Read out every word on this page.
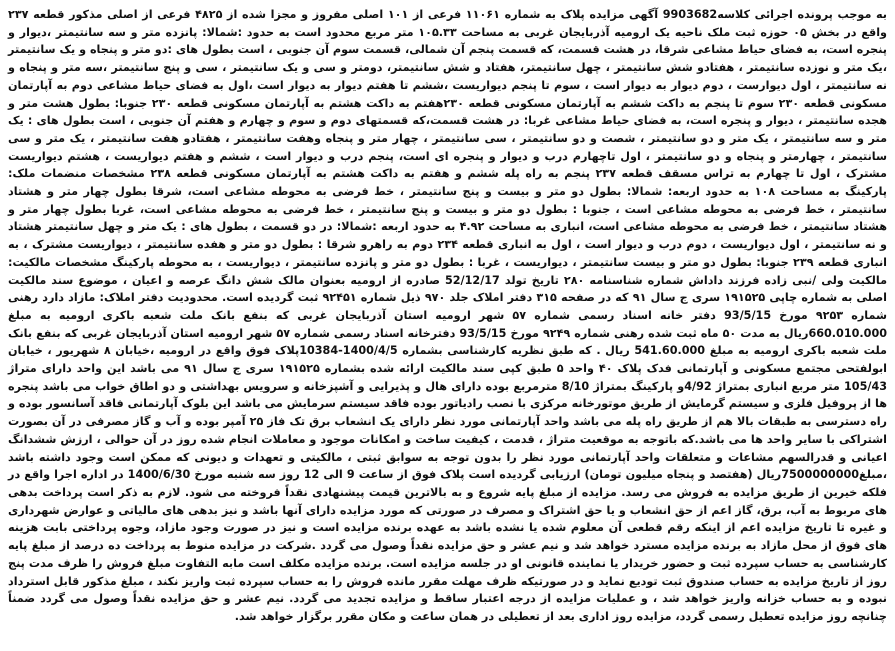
به موجب پرونده اجرائی کلاسه9903682 آگهی مزایده پلاک به شماره ۱۱۰۶۱ فرعی از ۱۰۱ اصلی مفروز و مجزا شده از ۴۸۲۵ فرعی از اصلی مذکور قطعه ۲۳۷ واقع در بخش ۰۵ حوزه ثبت ملک ناحیه یک ارومیه آذربایجان غربی به مساحت ۱۰۵.۳۳ متر مربع محدود است به حدود :شمالا: پانزده متر و سه سانتیمتر ،دیوار و پنجره است، به فضای حیاط مشاعی شرقا، در هشت قسمت، که قسمت پنجم آن شمالی، قسمت سوم آن جنوبی ، است بطول های :دو متر و پنجاه و یک سانتیمتر ،یک متر و نوزده سانتیمتر ، هفتادو شش سانتیمتر ، چهل سانتیمتر، هفتاد و شش سانتیمتر، دومتر و سی و یک سانتیمتر ، سی و پنج سانتیمتر ،سه متر و پنجاه و نه سانتیمتر ، اول دیوارست ، دوم دیوار به دیوار است ، سوم تا پنجم دیواریست ،ششم تا هفتم دیوار به دیوار است ،اول به فضای حیاط مشاعی دوم به آپارتمان مسکونی قطعه ۲۳۰ سوم تا پنجم به داکت ششم به آپارتمان مسکونی قطعه ۲۳۰هفتم به داکت هشتم به آپارتمان مسکونی قطعه ۲۳۰ جنوبا: بطول هشت متر و هجده سانتیمتر ، دیوار و پنجره است، به فضای حیاط مشاعی غربا: در هشت قسمت،که قسمتهای دوم و سوم و چهارم و هفتم آن جنوبی ، است بطول های : یک متر و سه سانتیمتر ، یک متر و دو سانتیمتر ، شصت و دو سانتیمتر ، سی سانتیمتر ، چهار متر و پنجاه وهفت سانتیمتر ، هفتادو هفت سانتیمتر ، یک متر و سی سانتیمتر ، چهارمتر و پنجاه و دو سانتیمتر ، اول تاچهارم درب و دیوار و پنجره ای است، پنجم درب و دیوار است ، ششم و هفتم دیواریست ، هشتم دیواریست مشترک ، اول تا چهارم به تراس مسقف قطعه ۲۳۷ پنجم به راه پله ششم و هفتم به داکت هشتم به آپارتمان مسکونی قطعه ۲۳۸ مشخصات منضمات ملک: پارکینگ به مساحت ۱۰۸ به حدود اربعه: شمالا: بطول دو متر و بیست و پنج سانتیمتر ، خط فرضی به محوطه مشاعی است، شرقا بطول چهار متر و هشتاد سانتیمتر ، خط فرضی به محوطه مشاعی است ، جنوبا : بطول دو متر و بیست و پنج سانتیمتر ، خط فرضی به محوطه مشاعی است، غربا بطول چهار متر و هشتاد سانتیمتر ، خط فرضی به محوطه مشاعی است، انباری به مساحت ۴.۹۲ به حدود اربعه :شمالا: در دو قسمت ، بطول های : یک متر و چهل سانتیمتر هشتاد و نه سانتیمتر ، اول دیواریست ، دوم درب و دیوار است ، اول به انباری قطعه ۲۳۴ دوم به راهرو شرقا : بطول دو متر و هفده سانتیمتر ، دیواریست مشترک ، به انباری قطعه ۲۳۹ جنوبا: بطول دو متر و بیست سانتیمتر ، دیواریست ، غربا : بطول دو متر و پانزده سانتیمتر ، دیواریست ، به محوطه پارکینگ مشخصات مالکیت: مالکیت ولی /نبی زاده فرزند داداش شماره شناسنامه ۲۸۰ تاریخ تولد 52/12/17 صادره از ارومیه بعنوان مالک شش دانگ عرصه و اعیان ، موضوع سند مالکیت اصلی به شماره چاپی ۱۹۱۵۲۵ سری ج سال ۹۱ که در صفحه ۳۱۵ دفتر املاک جلد ۹۷۰ ذیل شماره ۹۲۴۵۱ ثبت گردیده است. محدودیت دفتر املاک: مازاد دارد رهنی شماره ۹۲۵۳ مورخ 93/5/15 دفتر خانه اسناد رسمی شماره ۵۷ شهر ارومیه استان آذربایجان غربی که بنفع بانک ملت شعبه باکری ارومیه به مبلغ 660.010.000ریال به مدت ۵۰ ماه ثبت شده رهنی شماره ۹۲۴۹ مورخ 93/5/15 دفترخانه اسناد رسمی شماره ۵۷ شهر ارومیه استان آذربایجان غربی که بنفع بانک ملت شعبه باکری ارومیه به مبلغ 541.60.000 ریال . که طبق نظریه کارشناسی بشماره 1400/4/5-10384پلاک فوق واقع در ارومیه ،خیابان ۸ شهریور ، خیابان ابولفتحی مجتمع مسکونی و آپارتمانی فدک پلاک ۴۰ واحد ۵ طبق کپی سند مالکیت ارائه شده بشماره ۱۹۱۵۲۵ سری ج سال ۹۱ می باشد این واحد دارای متراژ 105/43 متر مربع انباری بمتراژ 4/92و پارکینگ بمتراژ 8/10 مترمربع بوده دارای هال و پذیرایی و آشپزخانه و سرویس بهداشتی و دو اطاق خواب می باشد پنجره ها از پروفیل فلزی و سیستم گرمایش از طریق موتورخانه مرکزی با نصب رادیاتور بوده فاقد سیستم سرمایش می باشد این بلوک آپارتمانی فاقد آسانسور بوده و راه دسترسی به طبقات بالا هم از طریق راه پله می باشد واحد آپارتمانی مورد نظر دارای یک انشعاب برق تک فاز ۲۵ آمپر بوده و آب و گاز مصرفی در آن بصورت اشتراکی با سایر واحد ها می باشد.که باتوجه به موقعیت متراژ ، قدمت ، کیفیت ساخت و امکانات موجود و معاملات انجام شده روز در آن حوالی ، ارزش ششدانگ اعیانی و قدرالسهم مشاعات و متعلقات واحد آپارتمانی مورد نظر را بدون توجه به سوابق ثبتی ، مالکیتی و تعهدات و دیونی که ممکن است وجود داشته باشد ،مبلغ7500000000ریال (هفتصد و پنجاه میلیون تومان) ارزیابی گردیده است پلاک فوق از ساعت 9 الی 12 روز سه شنبه مورخ 1400/6/30 در اداره اجرا واقع در فلکه خیرین از طریق مزایده به فروش می رسد. مزایده از مبلغ پایه شروع و به بالاترین قیمت پیشنهادی نقداً فروخته می شود. لازم به ذکر است پرداخت بدهی های مربوط به آب، برق، گاز اعم از حق انشعاب و یا حق اشتراک و مصرف در صورتی که مورد مزایده دارای آنها باشد و نیز بدهی های مالیاتی و عوارض شهرداری و غیره تا تاریخ مزایده اعم از اینکه رقم قطعی آن معلوم شده یا نشده باشد به عهده برنده مزایده است و نیز در صورت وجود مازاد، وجوه پرداختی بابت هزینه های فوق از محل مازاد به برنده مزایده مسترد خواهد شد و نیم عشر و حق مزایده نقداً وصول می گردد .شرکت در مزایده منوط به پرداخت ده درصد از مبلغ پایه کارشناسی به حساب سپرده ثبت و حضور خریدار یا نماینده قانونی او در جلسه مزایده است. برنده مزایده مکلف است مابه التفاوت مبلغ فروش را ظرف مدت پنج روز از تاریخ مزایده به حساب صندوق ثبت تودیع نماید و در صورتیکه ظرف مهلت مقرر مانده فروش را به حساب سپرده ثبت واریز نکند ، مبلغ مذکور قابل استرداد نبوده و به حساب خزانه واریز خواهد شد ، و عملیات مزایده از درجه اعتبار ساقط و مزایده تجدید می گردد. نیم عشر و حق مزایده نقداً وصول می گردد ضمناً چنانچه روز مزایده تعطیل رسمی گردد، مزایده روز اداری بعد از تعطیلی در همان ساعت و مکان مقرر برگزار خواهد شد.
